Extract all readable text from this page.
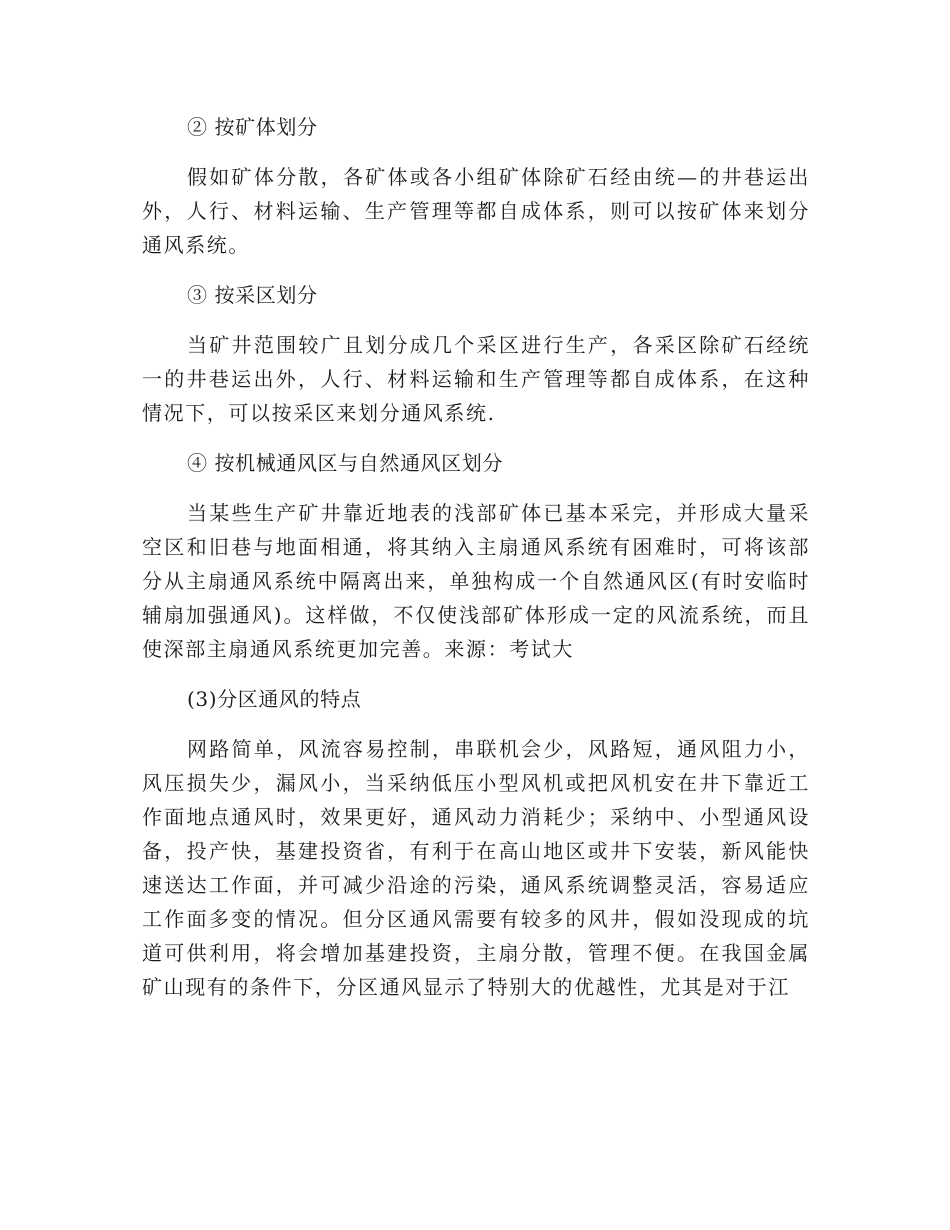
② 按矿体划分

假如矿体分散，各矿体或各小组矿体除矿石经由统—的井巷运出外，人行、材料运输、生产管理等都自成体系，则可以按矿体来划分通风系统。

③ 按采区划分

当矿井范围较广且划分成几个采区进行生产，各采区除矿石经统一的井巷运出外，人行、材料运输和生产管理等都自成体系，在这种情况下，可以按采区来划分通风系统.

④ 按机械通风区与自然通风区划分

当某些生产矿井靠近地表的浅部矿体已基本采完，并形成大量采空区和旧巷与地面相通，将其纳入主扇通风系统有困难时，可将该部分从主扇通风系统中隔离出来，单独构成一个自然通风区(有时安临时辅扇加强通风)。这样做，不仅使浅部矿体形成一定的风流系统，而且使深部主扇通风系统更加完善。来源：考试大

(3)分区通风的特点

网路简单，风流容易控制，串联机会少，风路短，通风阻力小，风压损失少，漏风小，当采纳低压小型风机或把风机安在井下靠近工作面地点通风时，效果更好，通风动力消耗少；采纳中、小型通风设备，投产快，基建投资省，有利于在高山地区或井下安装，新风能快速送达工作面，并可减少沿途的污染，通风系统调整灵活，容易适应工作面多变的情况。但分区通风需要有较多的风井，假如没现成的坑道可供利用，将会增加基建投资，主扇分散，管理不便。在我国金属矿山现有的条件下，分区通风显示了特别大的优越性，尤其是对于江
